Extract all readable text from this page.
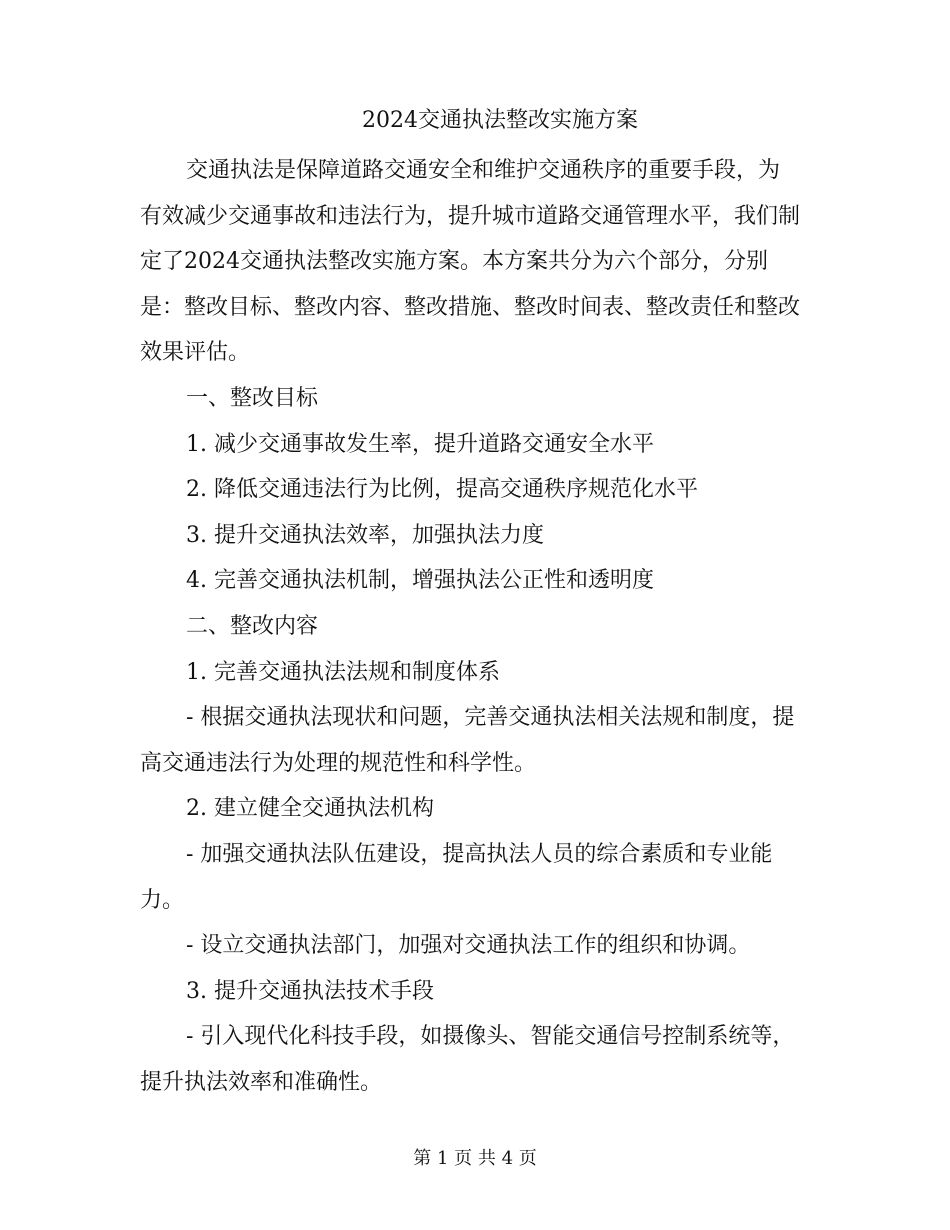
2024交通执法整改实施方案

交通执法是保障道路交通安全和维护交通秩序的重要手段，为有效减少交通事故和违法行为，提升城市道路交通管理水平，我们制定了2024交通执法整改实施方案。本方案共分为六个部分，分别是：整改目标、整改内容、整改措施、整改时间表、整改责任和整改效果评估。

一、整改目标

1. 减少交通事故发生率，提升道路交通安全水平

2. 降低交通违法行为比例，提高交通秩序规范化水平

3. 提升交通执法效率，加强执法力度

4. 完善交通执法机制，增强执法公正性和透明度

二、整改内容

1. 完善交通执法法规和制度体系

- 根据交通执法现状和问题，完善交通执法相关法规和制度，提高交通违法行为处理的规范性和科学性。

2. 建立健全交通执法机构

- 加强交通执法队伍建设，提高执法人员的综合素质和专业能力。

- 设立交通执法部门，加强对交通执法工作的组织和协调。

3. 提升交通执法技术手段

- 引入现代化科技手段，如摄像头、智能交通信号控制系统等，提升执法效率和准确性。

第 1 页 共 4 页
